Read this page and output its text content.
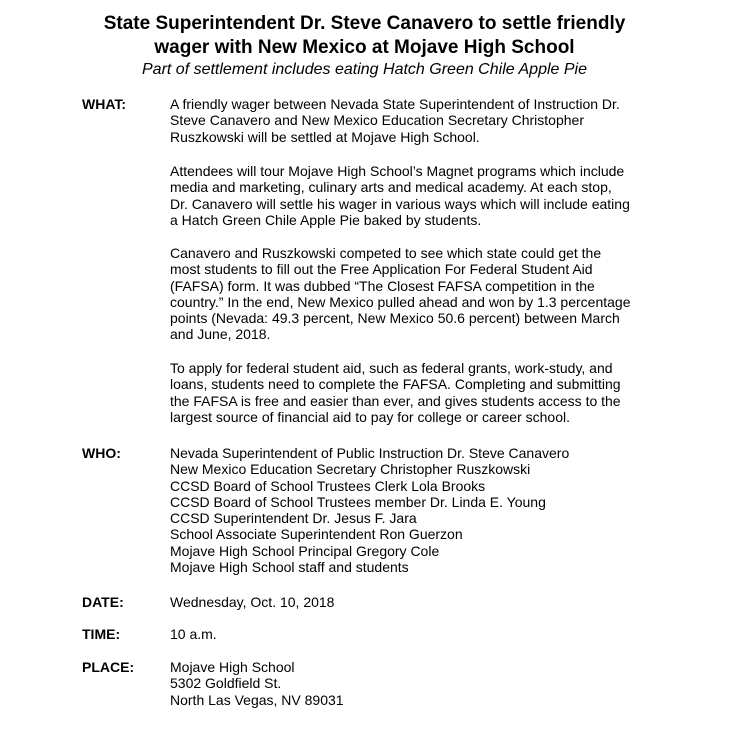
State Superintendent Dr. Steve Canavero to settle friendly
wager with New Mexico at Mojave High School
Part of settlement includes eating Hatch Green Chile Apple Pie
WHAT:	A friendly wager between Nevada State Superintendent of Instruction Dr.
Steve Canavero and New Mexico Education Secretary Christopher
Ruszkowski will be settled at Mojave High School.
Attendees will tour Mojave High School’s Magnet programs which include
media and marketing, culinary arts and medical academy. At each stop,
Dr. Canavero will settle his wager in various ways which will include eating
a Hatch Green Chile Apple Pie baked by students.
Canavero and Ruszkowski competed to see which state could get the
most students to fill out the Free Application For Federal Student Aid
(FAFSA) form. It was dubbed “The Closest FAFSA competition in the
country.” In the end, New Mexico pulled ahead and won by 1.3 percentage
points (Nevada: 49.3 percent, New Mexico 50.6 percent) between March
and June, 2018.
To apply for federal student aid, such as federal grants, work-study, and
loans, students need to complete the FAFSA. Completing and submitting
the FAFSA is free and easier than ever, and gives students access to the
largest source of financial aid to pay for college or career school.
WHO:	Nevada Superintendent of Public Instruction Dr. Steve Canavero
New Mexico Education Secretary Christopher Ruszkowski
CCSD Board of School Trustees Clerk Lola Brooks
CCSD Board of School Trustees member Dr. Linda E. Young
CCSD Superintendent Dr. Jesus F. Jara
School Associate Superintendent Ron Guerzon
Mojave High School Principal Gregory Cole
Mojave High School staff and students
DATE:	Wednesday, Oct. 10, 2018
TIME:	10 a.m.
PLACE:	Mojave High School
5302 Goldfield St.
North Las Vegas, NV 89031
